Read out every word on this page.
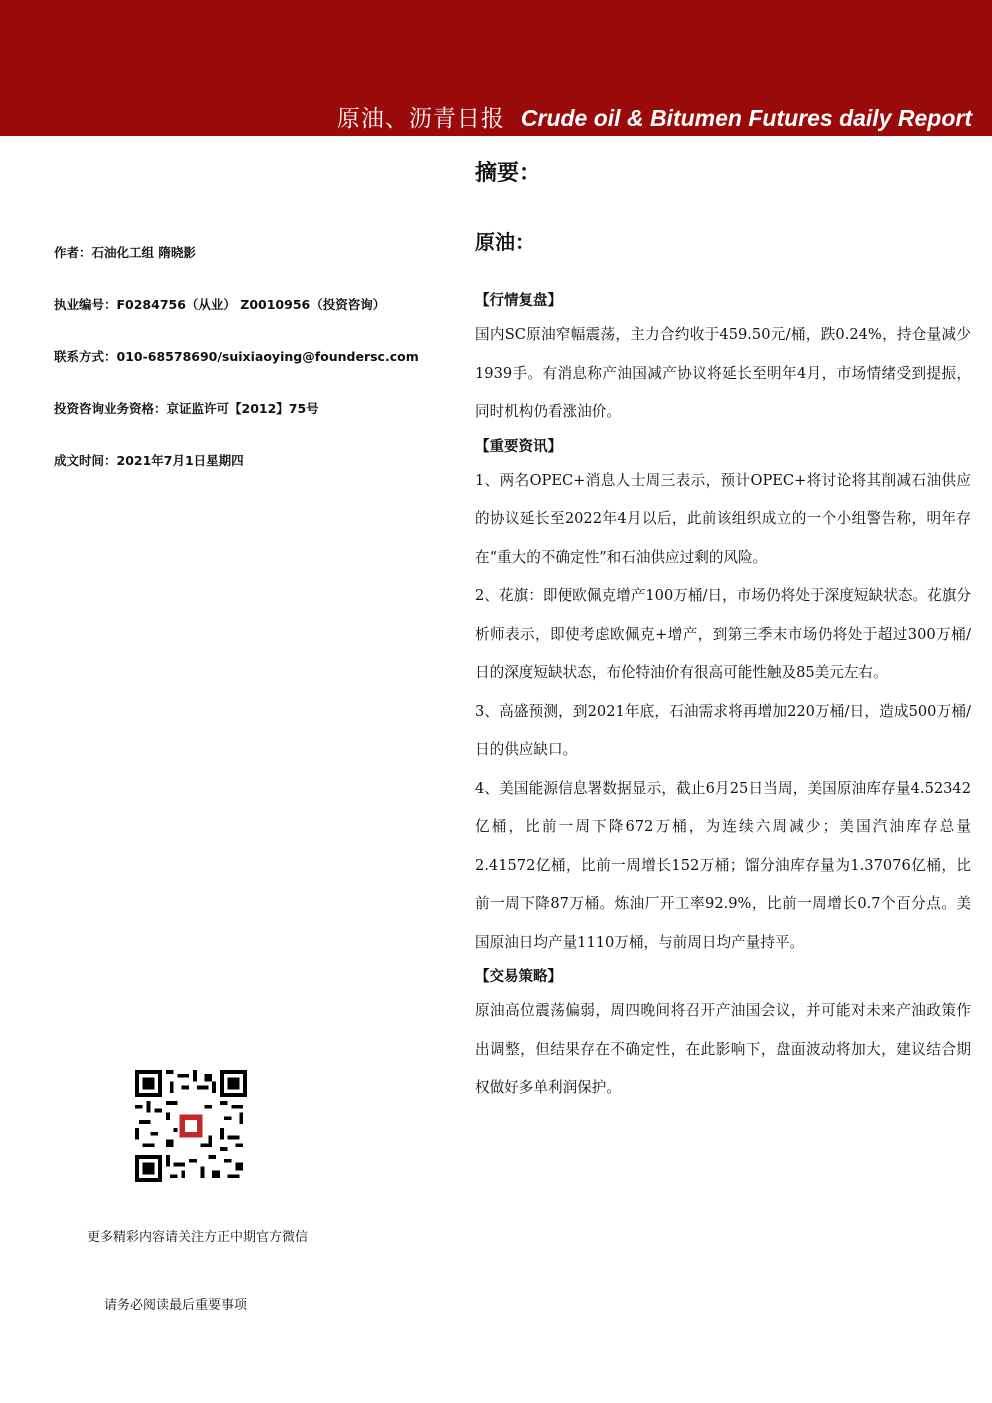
原油、沥青日报 Crude oil & Bitumen Futures daily Report
作者：石油化工组 隋晓影
执业编号：F0284756（从业） Z0010956（投资咨询）
联系方式：010-68578690/suixiaoying@foundersc.com
投资咨询业务资格：京证监许可【2012】75号
成文时间：2021年7月1日星期四
更多精彩内容请关注方正中期官方微信
请务必阅读最后重要事项
摘要：
原油：
【行情复盘】
国内SC原油窄幅震荡，主力合约收于459.50元/桶，跌0.24%，持仓量减少1939手。有消息称产油国减产协议将延长至明年4月，市场情绪受到提振，同时机构仍看涨油价。
【重要资讯】
1、两名OPEC+消息人士周三表示，预计OPEC+将讨论将其削减石油供应的协议延长至2022年4月以后，此前该组织成立的一个小组警告称，明年存在“重大的不确定性”和石油供应过剩的风险。
2、花旗：即便欧佩克增产100万桶/日，市场仍将处于深度短缺状态。花旗分析师表示，即使考虑欧佩克+增产，到第三季末市场仍将处于超过300万桶/日的深度短缺状态，布伦特油价有很高可能性触及85美元左右。
3、高盛预测，到2021年底，石油需求将再增加220万桶/日，造成500万桶/日的供应缺口。
4、美国能源信息署数据显示，截止6月25日当周，美国原油库存量4.52342亿桶，比前一周下降672万桶，为连续六周减少；美国汽油库存总量2.41572亿桶，比前一周增长152万桶；馏分油库存量为1.37076亿桶，比前一周下降87万桶。炼油厂开工率92.9%，比前一周增长0.7个百分点。美国原油日均产量1110万桶，与前周日均产量持平。
【交易策略】
原油高位震荡偏弱，周四晚间将召开产油国会议，并可能对未来产油政策作出调整，但结果存在不确定性，在此影响下，盘面波动将加大，建议结合期权做好多单利润保护。
